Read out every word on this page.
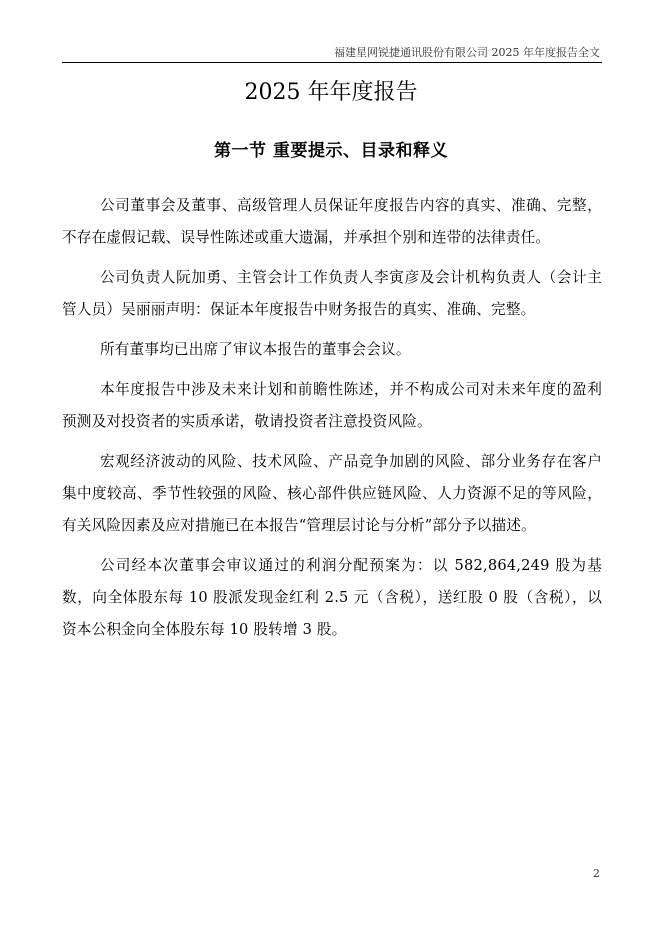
福建星网锐捷通讯股份有限公司 2025 年年度报告全文
2025 年年度报告
第一节 重要提示、目录和释义

公司董事会及董事、高级管理人员保证年度报告内容的真实、准确、完整，不存在虚假记载、误导性陈述或重大遗漏，并承担个别和连带的法律责任。

公司负责人阮加勇、主管会计工作负责人李寅彦及会计机构负责人（会计主管人员）吴丽丽声明：保证本年度报告中财务报告的真实、准确、完整。

所有董事均已出席了审议本报告的董事会会议。

本年度报告中涉及未来计划和前瞻性陈述，并不构成公司对未来年度的盈利预测及对投资者的实质承诺，敬请投资者注意投资风险。

宏观经济波动的风险、技术风险、产品竞争加剧的风险、部分业务存在客户集中度较高、季节性较强的风险、核心部件供应链风险、人力资源不足的等风险，有关风险因素及应对措施已在本报告“管理层讨论与分析”部分予以描述。

公司经本次董事会审议通过的利润分配预案为：以 582,864,249 股为基数，向全体股东每 10 股派发现金红利 2.5 元（含税），送红股 0 股（含税），以资本公积金向全体股东每 10 股转增 3 股。

2
